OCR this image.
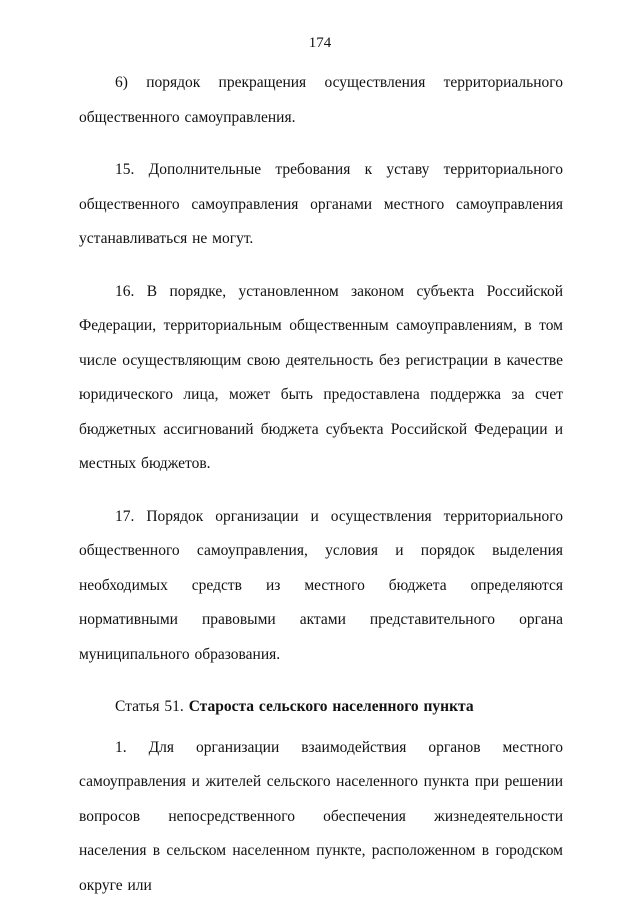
174

6) порядок прекращения осуществления территориального общественного самоуправления.

15. Дополнительные требования к уставу территориального общественного самоуправления органами местного самоуправления устанавливаться не могут.

16. В порядке, установленном законом субъекта Российской Федерации, территориальным общественным самоуправлениям, в том числе осуществляющим свою деятельность без регистрации в качестве юридического лица, может быть предоставлена поддержка за счет бюджетных ассигнований бюджета субъекта Российской Федерации и местных бюджетов.

17. Порядок организации и осуществления территориального общественного самоуправления, условия и порядок выделения необходимых средств из местного бюджета определяются нормативными правовыми актами представительного органа муниципального образования.

Статья 51. Староста сельского населенного пункта

1. Для организации взаимодействия органов местного самоуправления и жителей сельского населенного пункта при решении вопросов непосредственного обеспечения жизнедеятельности населения в сельском населенном пункте, расположенном в городском округе или
